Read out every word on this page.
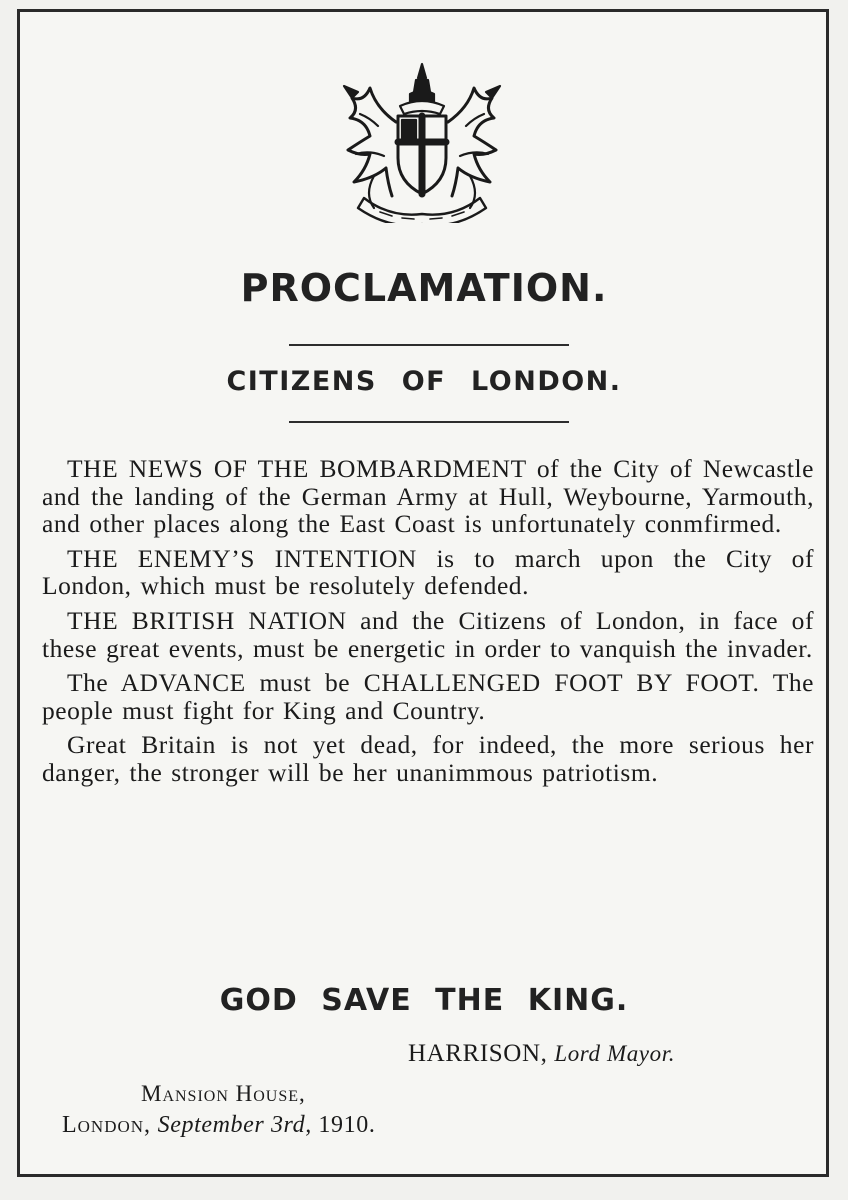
PROCLAMATION.
CITIZENS OF LONDON.

THE NEWS OF THE BOMBARDMENT of the City of Newcastle and the landing of the German Army at Hull, Weybourne, Yarmouth, and other places along the East Coast is unfortunately conmfirmed.

THE ENEMY’S INTENTION is to march upon the City of London, which must be resolutely defended.

THE BRITISH NATION and the Citizens of London, in face of these great events, must be energetic in order to vanquish the invader.

The ADVANCE must be CHALLENGED FOOT BY FOOT. The people must fight for King and Country.

Great Britain is not yet dead, for indeed, the more serious her danger, the stronger will be her unanimmous patriotism.

GOD SAVE THE KING.
HARRISON, Lord Mayor.
Mansion House,
London, September 3rd, 1910.
